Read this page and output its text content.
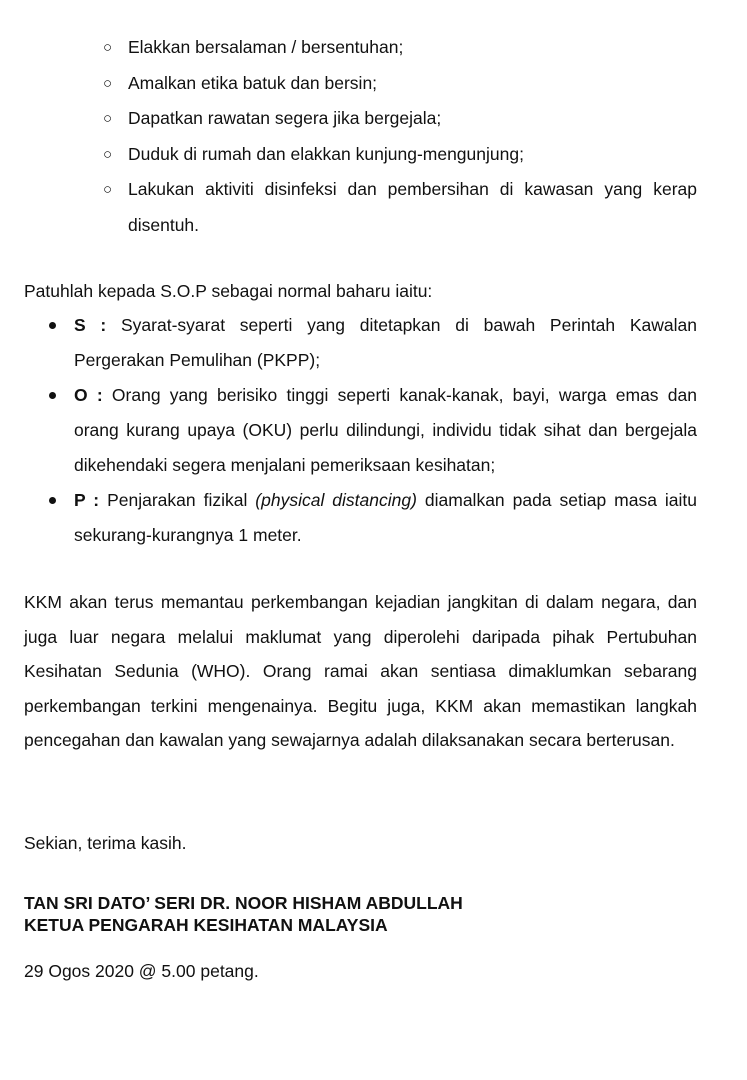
○ Elakkan bersalaman / bersentuhan;
○ Amalkan etika batuk dan bersin;
○ Dapatkan rawatan segera jika bergejala;
○ Duduk di rumah dan elakkan kunjung-mengunjung;
○ Lakukan aktiviti disinfeksi dan pembersihan di kawasan yang kerap disentuh.
Patuhlah kepada S.O.P sebagai normal baharu iaitu:
S : Syarat-syarat seperti yang ditetapkan di bawah Perintah Kawalan Pergerakan Pemulihan (PKPP);
O : Orang yang berisiko tinggi seperti kanak-kanak, bayi, warga emas dan orang kurang upaya (OKU) perlu dilindungi, individu tidak sihat dan bergejala dikehendaki segera menjalani pemeriksaan kesihatan;
P : Penjarakan fizikal (physical distancing) diamalkan pada setiap masa iaitu sekurang-kurangnya 1 meter.
KKM akan terus memantau perkembangan kejadian jangkitan di dalam negara, dan juga luar negara melalui maklumat yang diperolehi daripada pihak Pertubuhan Kesihatan Sedunia (WHO). Orang ramai akan sentiasa dimaklumkan sebarang perkembangan terkini mengenainya. Begitu juga, KKM akan memastikan langkah pencegahan dan kawalan yang sewajarnya adalah dilaksanakan secara berterusan.
Sekian, terima kasih.
TAN SRI DATO’ SERI DR. NOOR HISHAM ABDULLAH
KETUA PENGARAH KESIHATAN MALAYSIA
29 Ogos 2020 @ 5.00 petang.
